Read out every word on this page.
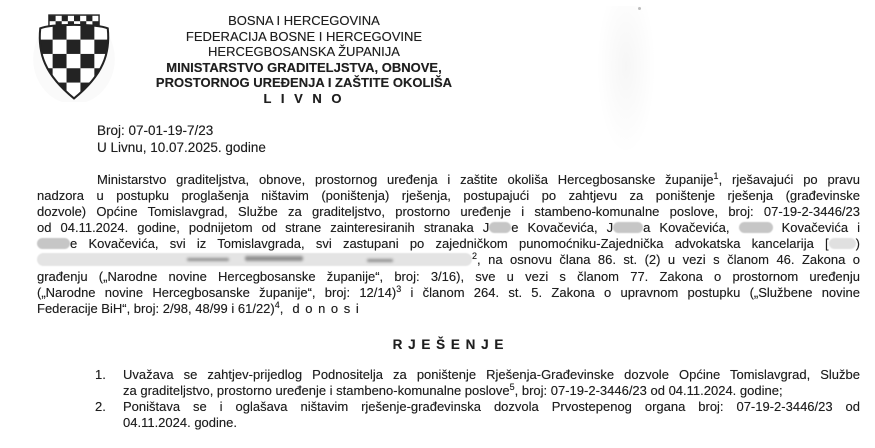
BOSNA I HERCEGOVINA
FEDERACIJA BOSNE I HERCEGOVINE
HERCEGBOSANSKA ŽUPANIJA
MINISTARSTVO GRADITELJSTVA, OBNOVE,
PROSTORNOG UREĐENJA I ZAŠTITE OKOLIŠA
L I V N O
Broj: 07-01-19-7/23
U Livnu, 10.07.2025. godine
Ministarstvo graditeljstva, obnove, prostornog uređenja i zaštite okoliša Hercegbosanske županije$^1$, rješavajući po pravu
nadzora u postupku proglašenja ništavim (poništenja) rješenja, postupajući po zahtjevu za poništenje rješenja (građevinske
dozvole) Općine Tomislavgrad, Službe za graditeljstvo, prostorno uređenje i stambeno-komunalne poslove, broj: 07-19-2-3446/23
od 04.11.2024. godine, podnijetom od strane zainteresiranih stranaka J e Kovačevića, J a Kovačevića,	Kovačevića i
e Kovačevića, svi iz Tomislavgrada, svi zastupani po zajedničkom punomoćniku-Zajednička advokatska kancelarija [ )
$^2$, na osnovu člana 86. st. (2) u vezi s članom 46. Zakona o
građenju („Narodne novine Hercegbosanske županije“, broj: 3/16), sve u vezi s članom 77. Zakona o prostornom uređenju
(„Narodne novine Hercegbosanske županije“, broj: 12/14)$^3$ i članom 264. st. 5. Zakona o upravnom postupku („Službene novine
Federacije BiH“, broj: 2/98, 48/99 i 61/22)$^4$, d o n o s i
R J E Š E N J E
1. Uvažava se zahtjev-prijedlog Podnositelja za poništenje Rješenja-Građevinske dozvole Općine Tomislavgrad, Službe
za graditeljstvo, prostorno uređenje i stambeno-komunalne poslove$^5$, broj: 07-19-2-3446/23 od 04.11.2024. godine;
2. Poništava se i oglašava ništavim rješenje-građevinska dozvola Prvostepenog organa broj: 07-19-2-3446/23 od
04.11.2024. godine.
